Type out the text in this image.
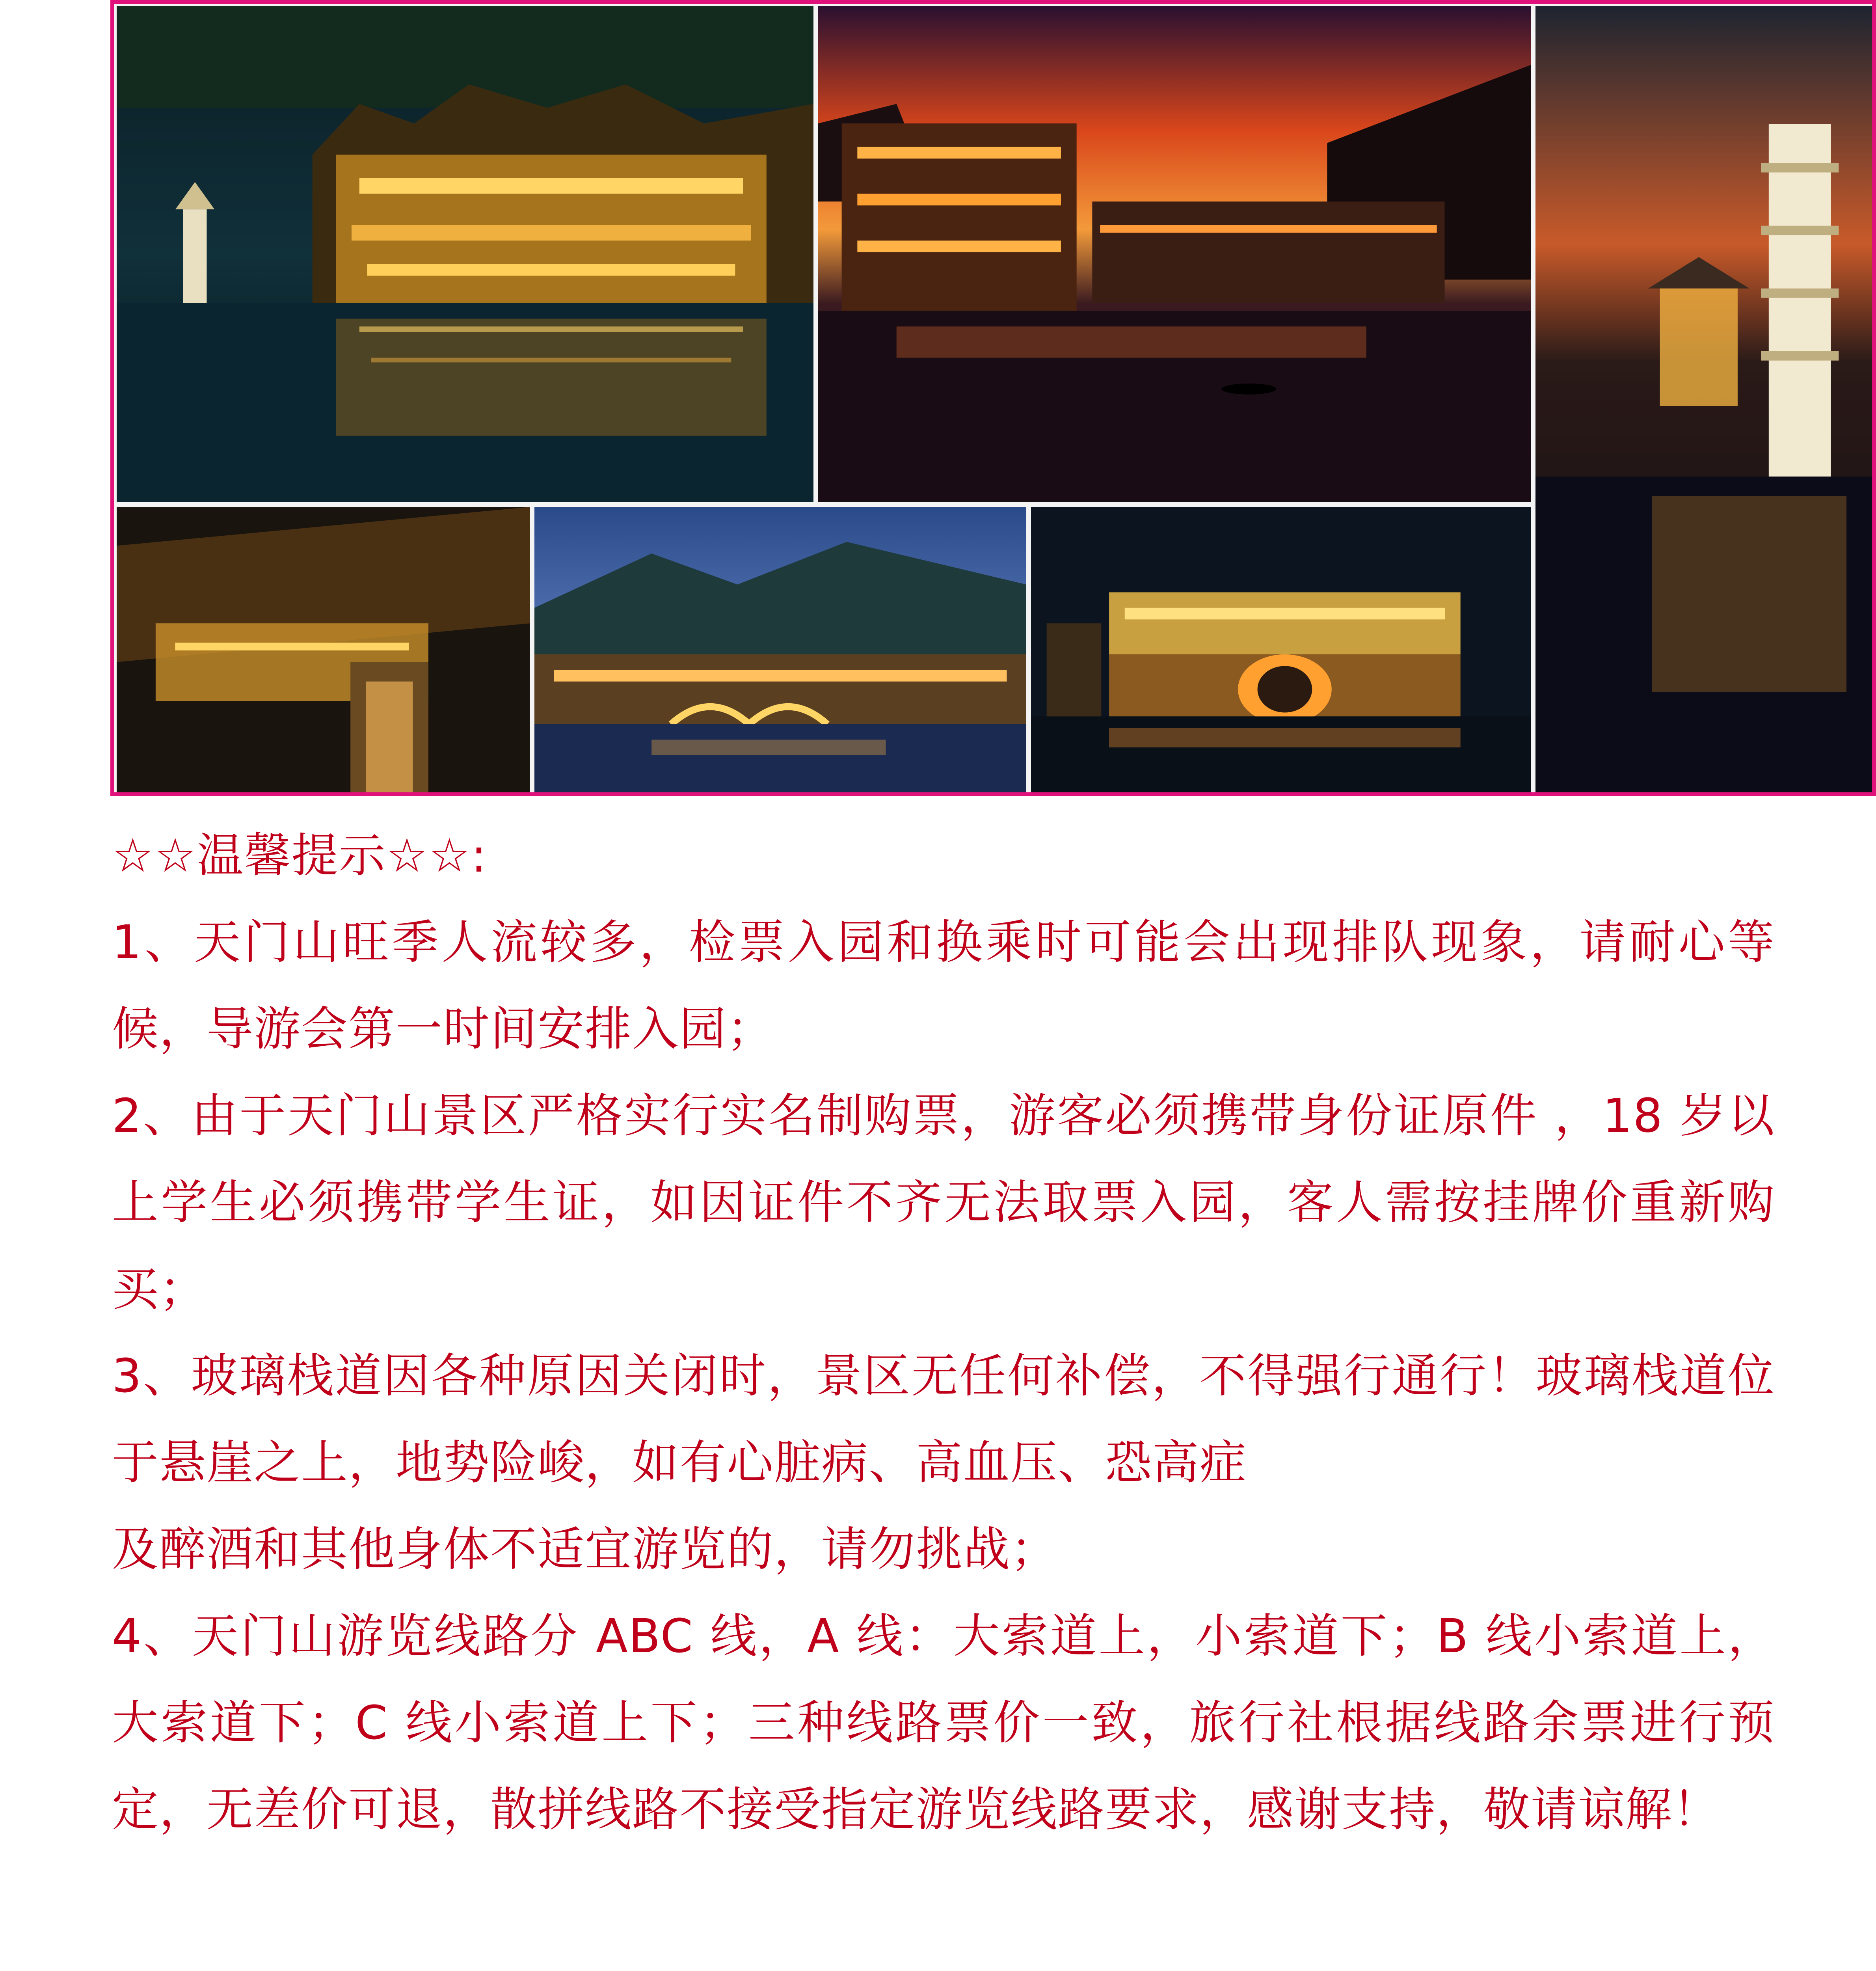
☆☆温馨提示☆☆:
1、天门山旺季人流较多，检票入园和换乘时可能会出现排队现象，请耐心等候，导游会第一时间安排入园；
2、由于天门山景区严格实行实名制购票，游客必须携带身份证原件 ，18 岁以上学生必须携带学生证，如因证件不齐无法取票入园，客人需按挂牌价重新购买；
3、玻璃栈道因各种原因关闭时，景区无任何补偿，不得强行通行！玻璃栈道位于悬崖之上，地势险峻，如有心脏病、高血压、恐高症
及醉酒和其他身体不适宜游览的，请勿挑战；
4、天门山游览线路分 ABC 线，A 线：大索道上，小索道下；B 线小索道上，大索道下；C 线小索道上下；三种线路票价一致，旅行社根据线路余票进行预定，无差价可退，散拼线路不接受指定游览线路要求，感谢支持，敬请谅解！
